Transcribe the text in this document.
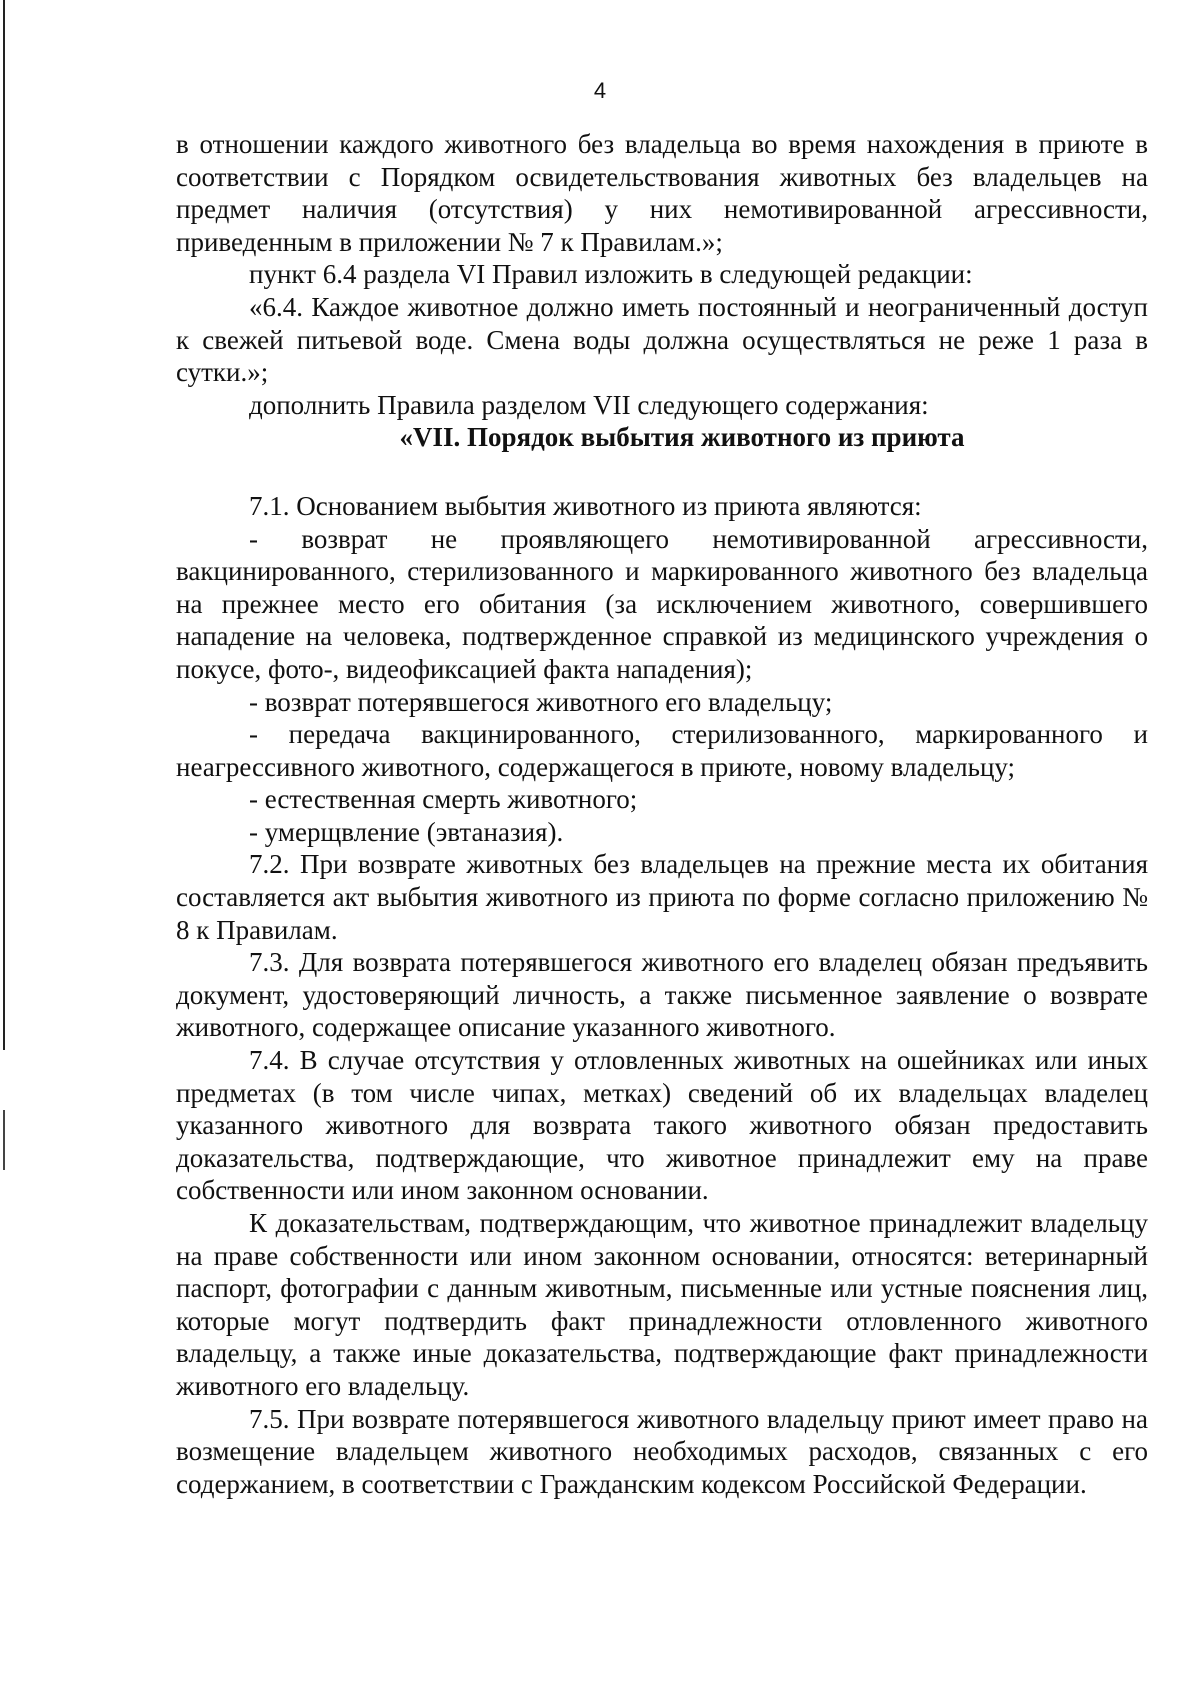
4

в отношении каждого животного без владельца во время нахождения в приюте в соответствии с Порядком освидетельствования животных без владельцев на предмет наличия (отсутствия) у них немотивированной агрессивности, приведенным в приложении № 7 к Правилам.»;

пункт 6.4 раздела VI Правил изложить в следующей редакции:

«6.4. Каждое животное должно иметь постоянный и неограниченный доступ к свежей питьевой воде. Смена воды должна осуществляться не реже 1 раза в сутки.»;

дополнить Правила разделом VII следующего содержания:

«VII. Порядок выбытия животного из приюта

7.1. Основанием выбытия животного из приюта являются:

- возврат не проявляющего немотивированной агрессивности, вакцинированного, стерилизованного и маркированного животного без владельца на прежнее место его обитания (за исключением животного, совершившего нападение на человека, подтвержденное справкой из медицинского учреждения о покусе, фото-, видеофиксацией факта нападения);

- возврат потерявшегося животного его владельцу;

- передача вакцинированного, стерилизованного, маркированного и неагрессивного животного, содержащегося в приюте, новому владельцу;

- естественная смерть животного;

- умерщвление (эвтаназия).

7.2. При возврате животных без владельцев на прежние места их обитания составляется акт выбытия животного из приюта по форме согласно приложению № 8 к Правилам.

7.3. Для возврата потерявшегося животного его владелец обязан предъявить документ, удостоверяющий личность, а также письменное заявление о возврате животного, содержащее описание указанного животного.

7.4. В случае отсутствия у отловленных животных на ошейниках или иных предметах (в том числе чипах, метках) сведений об их владельцах владелец указанного животного для возврата такого животного обязан предоставить доказательства, подтверждающие, что животное принадлежит ему на праве собственности или ином законном основании.

К доказательствам, подтверждающим, что животное принадлежит владельцу на праве собственности или ином законном основании, относятся: ветеринарный паспорт, фотографии с данным животным, письменные или устные пояснения лиц, которые могут подтвердить факт принадлежности отловленного животного владельцу, а также иные доказательства, подтверждающие факт принадлежности животного его владельцу.

7.5. При возврате потерявшегося животного владельцу приют имеет право на возмещение владельцем животного необходимых расходов, связанных с его содержанием, в соответствии с Гражданским кодексом Российской Федерации.
